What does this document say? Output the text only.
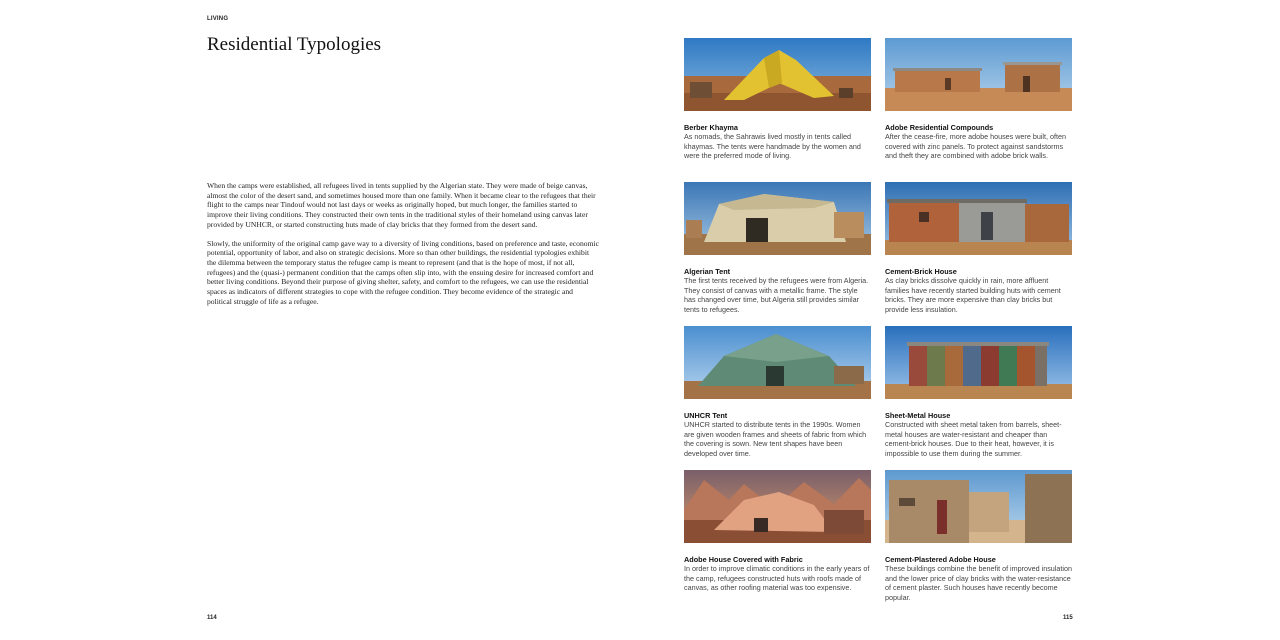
LIVING
Residential Typologies

When the camps were established, all refugees lived in tents supplied by the Algerian state. They were made of beige canvas, almost the color of the desert sand, and sometimes housed more than one family. When it became clear to the refugees that their flight to the camps near Tindouf would not last days or weeks as originally hoped, but much longer, the families started to improve their living conditions. They constructed their own tents in the traditional styles of their homeland using canvas later provided by UNHCR, or started constructing huts made of clay bricks that they formed from the desert sand.

Slowly, the uniformity of the original camp gave way to a diversity of living conditions, based on preference and taste, economic potential, opportunity of labor, and also on strategic decisions. More so than other buildings, the residential typologies exhibit the dilemma between the temporary status the refugee camp is meant to represent (and that is the hope of most, if not all, refugees) and the (quasi-) permanent condition that the camps often slip into, with the ensuing desire for increased comfort and better living conditions. Beyond their purpose of giving shelter, safety, and comfort to the refugees, we can use the residential spaces as indicators of different strategies to cope with the refugee condition. They become evidence of the strategic and political struggle of life as a refugee.

Berber Khayma
As nomads, the Sahrawis lived mostly in tents called khaymas. The tents were handmade by the women and were the preferred mode of living.
Adobe Residential Compounds
After the cease-fire, more adobe houses were built, often covered with zinc panels. To protect against sandstorms and theft they are combined with adobe brick walls.
Algerian Tent
The first tents received by the refugees were from Algeria. They consist of canvas with a metallic frame. The style has changed over time, but Algeria still provides similar tents to refugees.
Cement-Brick House
As clay bricks dissolve quickly in rain, more affluent families have recently started building huts with cement bricks. They are more expensive than clay bricks but provide less insulation.
UNHCR Tent
UNHCR started to distribute tents in the 1990s. Women are given wooden frames and sheets of fabric from which the covering is sown. New tent shapes have been developed over time.
Sheet-Metal House
Constructed with sheet metal taken from barrels, sheet-metal houses are water-resistant and cheaper than cement-brick houses. Due to their heat, however, it is impossible to use them during the summer.
Adobe House Covered with Fabric
In order to improve climatic conditions in the early years of the camp, refugees constructed huts with roofs made of canvas, as other roofing material was too expensive.
Cement-Plastered Adobe House
These buildings combine the benefit of improved insulation and the lower price of clay bricks with the water-resistance of cement plaster. Such houses have recently become popular.
114	115
